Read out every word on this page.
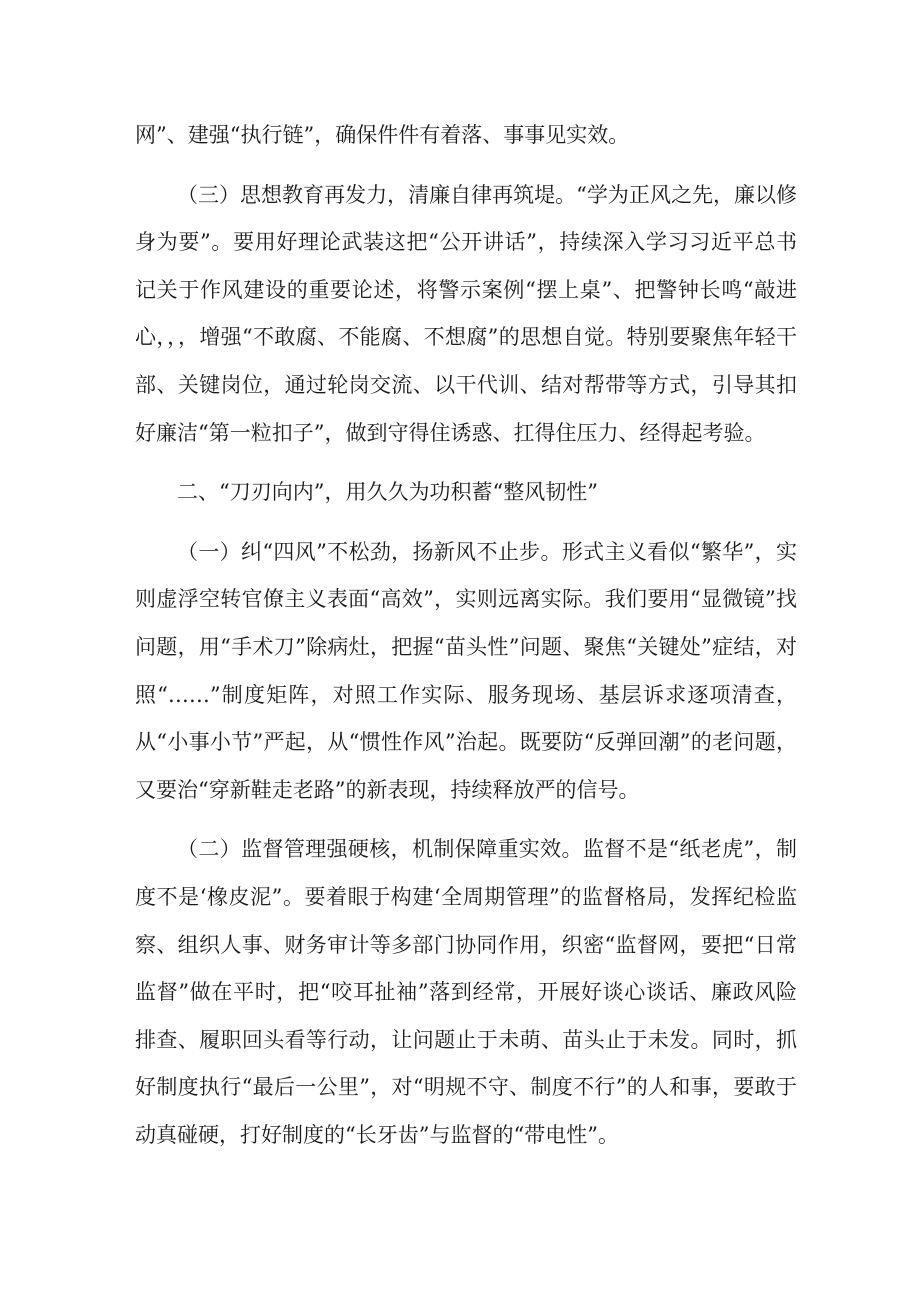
网”、建强“执行链”，确保件件有着落、事事见实效。

（三）思想教育再发力，清廉自律再筑堤。“学为正风之先，廉以修身为要”。要用好理论武装这把“公开讲话”，持续深入学习习近平总书记关于作风建设的重要论述，将警示案例“摆上桌”、把警钟长鸣“敲进心，，，增强“不敢腐、不能腐、不想腐”的思想自觉。特别要聚焦年轻干部、关键岗位，通过轮岗交流、以干代训、结对帮带等方式，引导其扣好廉洁“第一粒扣子”，做到守得住诱惑、扛得住压力、经得起考验。

二、“刀刃向内”，用久久为功积蓄“整风韧性”

（一）纠“四风”不松劲，扬新风不止步。形式主义看似“繁华”，实则虚浮空转官僚主义表面“高效”，实则远离实际。我们要用“显微镜”找问题，用“手术刀”除病灶，把握“苗头性”问题、聚焦“关键处”症结，对照“……”制度矩阵，对照工作实际、服务现场、基层诉求逐项清查，从“小事小节”严起，从“惯性作风”治起。既要防“反弹回潮”的老问题，又要治“穿新鞋走老路”的新表现，持续释放严的信号。

（二）监督管理强硬核，机制保障重实效。监督不是“纸老虎”，制度不是‘橡皮泥”。要着眼于构建‘全周期管理”的监督格局，发挥纪检监察、组织人事、财务审计等多部门协同作用，织密“监督网，要把“日常监督”做在平时，把“咬耳扯袖”落到经常，开展好谈心谈话、廉政风险排查、履职回头看等行动，让问题止于未萌、苗头止于未发。同时，抓好制度执行“最后一公里”，对“明规不守、制度不行”的人和事，要敢于动真碰硬，打好制度的“长牙齿”与监督的“带电性”。
